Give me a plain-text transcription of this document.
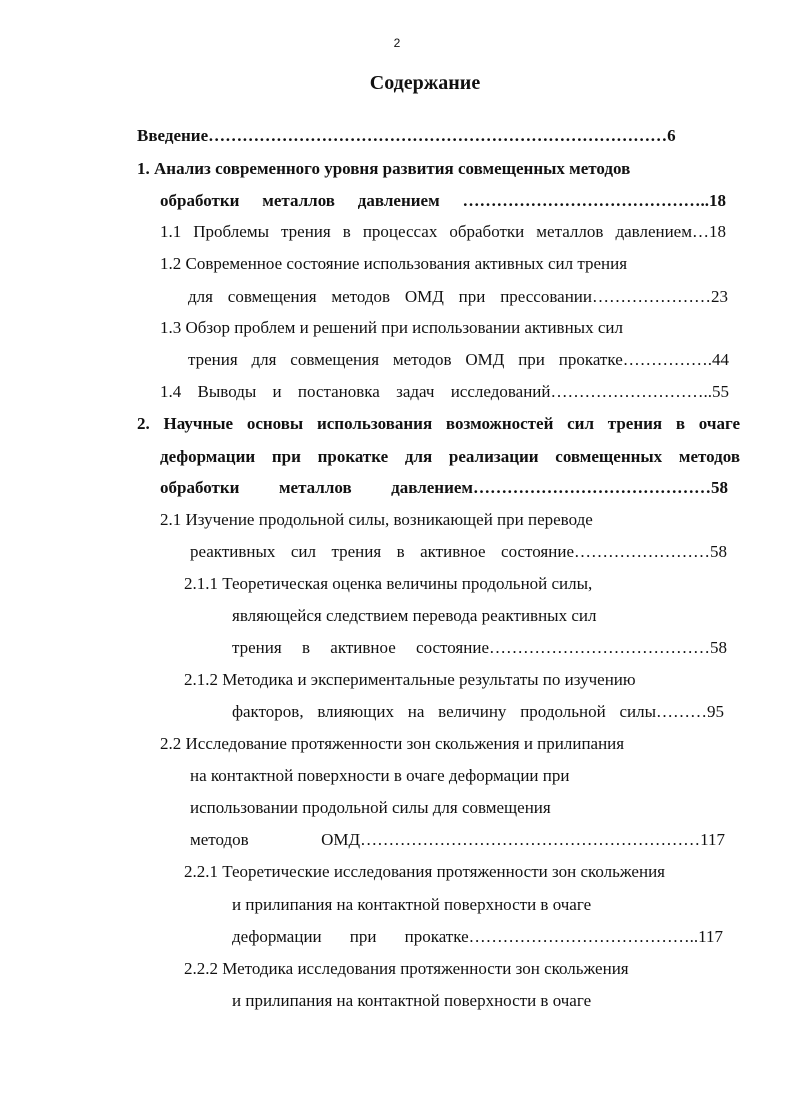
2
Содержание
Введение………………………………………………………………………6
1. Анализ современного уровня развития совмещенных методов
обработки металлов давлением ……………………………………..18
1.1 Проблемы трения в процессах обработки металлов давлением…18
1.2 Современное состояние использования активных сил трения
для совмещения методов ОМД при прессовании…………………23
1.3 Обзор проблем и решений при использовании активных сил
трения для совмещения методов ОМД при прокатке…………….44
1.4 Выводы и постановка задач исследований………………………..55
2. Научные основы использования возможностей сил трения в очаге
деформации при прокатке для реализации совмещенных методов
обработки металлов давлением……………………………………58
2.1 Изучение продольной силы, возникающей при переводе
реактивных сил трения в активное состояние……………………58
2.1.1 Теоретическая оценка величины продольной силы,
являющейся следствием перевода реактивных сил
трения в активное состояние…………………………………58
2.1.2 Методика и экспериментальные результаты по изучению
факторов, влияющих на величину продольной силы………95
2.2 Исследование протяженности зон скольжения и прилипания
на контактной поверхности в очаге деформации при
использовании продольной силы для совмещения
методов ОМД……………………………………………………117
2.2.1 Теоретические исследования протяженности зон скольжения
и прилипания на контактной поверхности в очаге
деформации при прокатке…………………………………..117
2.2.2 Методика исследования протяженности зон скольжения
и прилипания на контактной поверхности в очаге
